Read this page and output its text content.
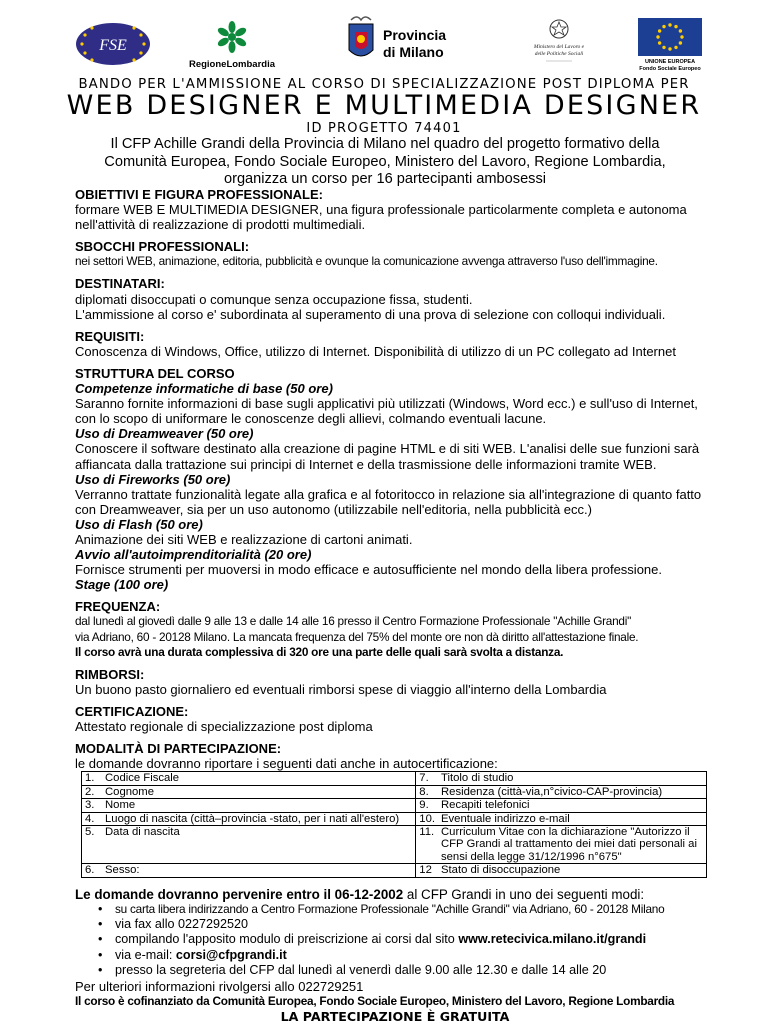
FSE
RegioneLombardia
Provincia
di Milano	Ministero del Lavoro e
delle Politiche Sociali
UNIONE EUROPEA
Fondo Sociale Europeo
BANDO PER L'AMMISSIONE AL CORSO DI SPECIALIZZAZIONE POST DIPLOMA PER
WEB DESIGNER E MULTIMEDIA DESIGNER
ID PROGETTO 74401
Il CFP Achille Grandi della Provincia di Milano nel quadro del progetto formativo della Comunità Europea, Fondo Sociale Europeo, Ministero del Lavoro, Regione Lombardia, organizza un corso per 16 partecipanti ambosessi
OBIETTIVI E FIGURA PROFESSIONALE:

formare WEB E MULTIMEDIA DESIGNER, una figura professionale particolarmente completa e autonoma nell'attività di realizzazione di prodotti multimediali.

SBOCCHI PROFESSIONALI:

nei settori WEB, animazione, editoria, pubblicità e ovunque la comunicazione avvenga attraverso l'uso dell'immagine.

DESTINATARI:

diplomati disoccupati o comunque senza occupazione fissa, studenti.

L'ammissione al corso e' subordinata al superamento di una prova di selezione con colloqui individuali.

REQUISITI:

Conoscenza di Windows, Office, utilizzo di Internet. Disponibilità di utilizzo di un PC collegato ad Internet

STRUTTURA DEL CORSO
Competenze informatiche di base (50 ore)

Saranno fornite informazioni di base sugli applicativi più utilizzati (Windows, Word ecc.) e sull'uso di Internet, con lo scopo di uniformare le conoscenze degli allievi, colmando eventuali lacune.

Uso di Dreamweaver (50 ore)

Conoscere il software destinato alla creazione di pagine HTML e di siti WEB. L'analisi delle sue funzioni sarà affiancata dalla trattazione sui principi di Internet e della trasmissione delle informazioni tramite WEB.

Uso di Fireworks (50 ore)

Verranno trattate funzionalità legate alla grafica e al fotoritocco in relazione sia all'integrazione di quanto fatto con Dreamweaver, sia per un uso autonomo (utilizzabile nell'editoria, nella pubblicità ecc.)

Uso di Flash (50 ore)

Animazione dei siti WEB e realizzazione di cartoni animati.

Avvio all'autoimprenditorialità (20 ore)

Fornisce strumenti per muoversi in modo efficace e autosufficiente nel mondo della libera professione.

Stage (100 ore)
FREQUENZA:

dal lunedì al giovedì dalle 9 alle 13 e dalle 14 alle 16 presso il Centro Formazione Professionale "Achille Grandi"

via Adriano, 60 - 20128 Milano. La mancata frequenza del 75% del monte ore non dà diritto all'attestazione finale.

Il corso avrà una durata complessiva di 320 ore una parte delle quali sarà svolta a distanza.

RIMBORSI:

Un buono pasto giornaliero ed eventuali rimborsi spese di viaggio all'interno della Lombardia

CERTIFICAZIONE:

Attestato regionale di specializzazione post diploma

MODALITÀ DI PARTECIPAZIONE:

le domande dovranno riportare i seguenti dati anche in autocertificazione:

1.	Codice Fiscale	7.	Titolo di studio
2.	Cognome	8.	Residenza (città-via,n°civico-CAP-provincia)
3.	Nome	9.	Recapiti telefonici
4.	Luogo di nascita (città–provincia -stato, per i nati all'estero)	10.	Eventuale indirizzo e-mail
5.	Data di nascita	11.	Curriculum Vitae con la dichiarazione "Autorizzo il CFP Grandi al trattamento dei miei dati personali ai sensi della legge 31/12/1996 n°675"
6.	Sesso:	12	Stato di disoccupazione
Le domande dovranno pervenire entro il 06-12-2002 al CFP Grandi in uno dei seguenti modi:
• su carta libera indirizzando a Centro Formazione Professionale "Achille Grandi" via Adriano, 60 - 20128 Milano
• via fax allo 0227292520
• compilando l'apposito modulo di preiscrizione ai corsi dal sito www.retecivica.milano.it/grandi
• via e-mail: corsi@cfpgrandi.it
• presso la segreteria del CFP dal lunedì al venerdì dalle 9.00 alle 12.30 e dalle 14 alle 20

Per ulteriori informazioni rivolgersi allo 022729251

Il corso è cofinanziato da Comunità Europea, Fondo Sociale Europeo, Ministero del Lavoro, Regione Lombardia

LA PARTECIPAZIONE È GRATUITA
